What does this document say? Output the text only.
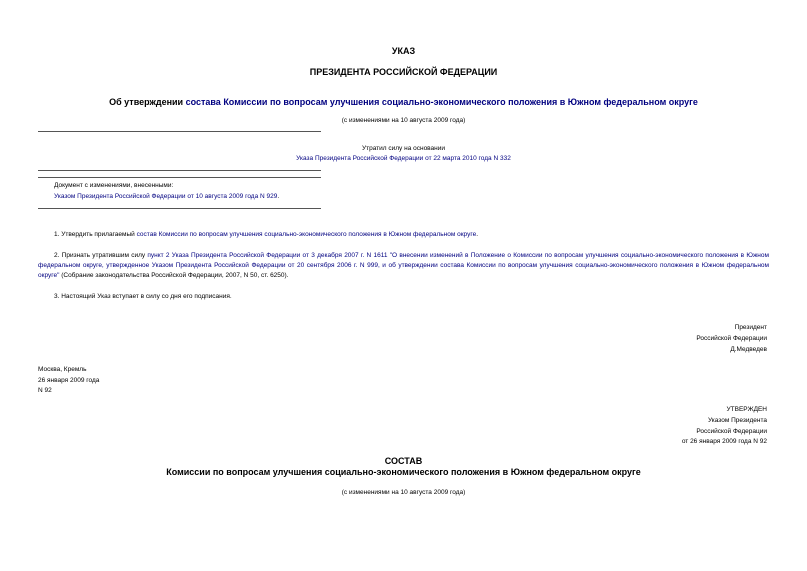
УКАЗ
ПРЕЗИДЕНТА РОССИЙСКОЙ ФЕДЕРАЦИИ
Об утверждении состава Комиссии по вопросам улучшения социально-экономического положения в Южном федеральном округе
(с изменениями на 10 августа 2009 года)
Утратил силу на основании
Указа Президента Российской Федерации от 22 марта 2010 года N 332
Документ с изменениями, внесенными:
Указом Президента Российской Федерации от 10 августа 2009 года N 929.
1. Утвердить прилагаемый состав Комиссии по вопросам улучшения социально-экономического положения в Южном федеральном округе.
2. Признать утратившим силу пункт 2 Указа Президента Российской Федерации от 3 декабря 2007 г. N 1611 "О внесении изменений в Положение о Комиссии по вопросам улучшения социально-экономического положения в Южном федеральном округе, утвержденное Указом Президента Российской Федерации от 20 сентября 2006 г. N 999, и об утверждении состава Комиссии по вопросам улучшения социально-экономического положения в Южном федеральном округе" (Собрание законодательства Российской Федерации, 2007, N 50, ст. 6250).
3. Настоящий Указ вступает в силу со дня его подписания.
Президент
Российской Федерации
Д.Медведев
Москва, Кремль
26 января 2009 года
N 92
УТВЕРЖДЕН
Указом Президента
Российской Федерации
от 26 января 2009 года N 92
СОСТАВ
Комиссии по вопросам улучшения социально-экономического положения в Южном федеральном округе
(с изменениями на 10 августа 2009 года)
